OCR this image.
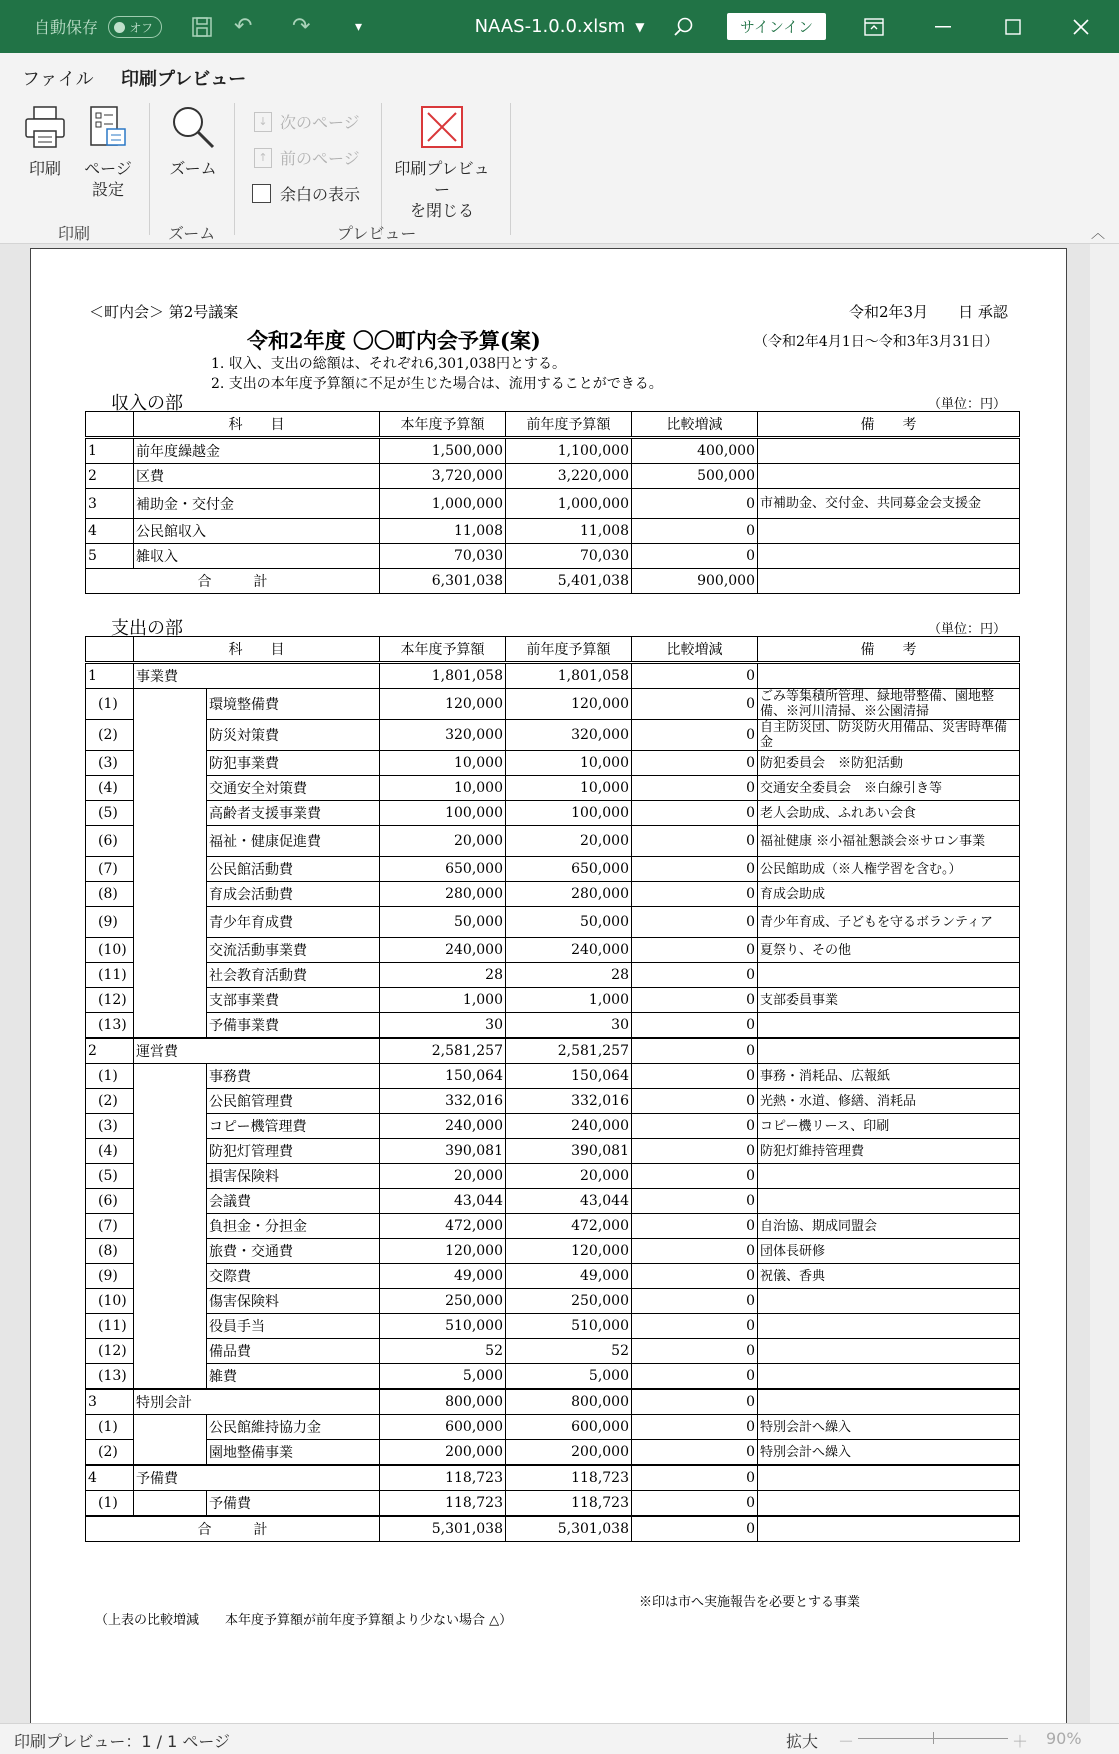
自動保存	オフ	↶ ↷	▾	NAAS-1.0.0.xlsm ▼	サインイン
ファイル 印刷プレビュー
印刷	ページ
設定
印刷
ズーム
ズーム
↓ 次のページ
↑ 前のページ
余白の表示
印刷プレビュー
を閉じる
プレビュー	︿
＜町内会＞ 第2号議案	令和2年3月　　日 承認
令和2年度 〇〇町内会予算(案)	（令和2年4月1日～令和3年3月31日）
1. 収入、支出の総額は、それぞれ6,301,038円とする。
2. 支出の本年度予算額に不足が生じた場合は、流用することができる。
収入の部	（単位：円）
	科　　目	本年度予算額	前年度予算額	比較増減	備　　考
1	前年度繰越金	1,500,000	1,100,000	400,000	
2	区費	3,720,000	3,220,000	500,000	
3	補助金・交付金	1,000,000	1,000,000	0	市補助金、交付金、共同募金会支援金
4	公民館収入	11,008	11,008	0	
5	雑収入	70,030	70,030	0	
合　　　計		6,301,038	5,401,038	900,000	
支出の部	（単位：円）
	科　　目		本年度予算額	前年度予算額	比較増減	備　　考
1	事業費		1,801,058	1,801,058	0	
(1)		環境整備費	120,000	120,000	0	ごみ等集積所管理、緑地帯整備、園地整備、※河川清掃、※公園清掃
(2)		防災対策費	320,000	320,000	0	自主防災団、防災防火用備品、災害時準備金
(3)		防犯事業費	10,000	10,000	0	防犯委員会　※防犯活動
(4)		交通安全対策費	10,000	10,000	0	交通安全委員会　※白線引き等
(5)		高齢者支援事業費	100,000	100,000	0	老人会助成、ふれあい会食
(6)		福祉・健康促進費	20,000	20,000	0	福祉健康 ※小福祉懇談会※サロン事業
(7)		公民館活動費	650,000	650,000	0	公民館助成（※人権学習を含む。）
(8)		育成会活動費	280,000	280,000	0	育成会助成
(9)		青少年育成費	50,000	50,000	0	青少年育成、子どもを守るボランティア
(10)		交流活動事業費	240,000	240,000	0	夏祭り、その他
(11)		社会教育活動費	28	28	0	
(12)		支部事業費	1,000	1,000	0	支部委員事業
(13)		予備事業費	30	30	0	
2	運営費		2,581,257	2,581,257	0	
(1)		事務費	150,064	150,064	0	事務・消耗品、広報紙
(2)		公民館管理費	332,016	332,016	0	光熱・水道、修繕、消耗品
(3)		コピー機管理費	240,000	240,000	0	コピー機リース、印刷
(4)		防犯灯管理費	390,081	390,081	0	防犯灯維持管理費
(5)		損害保険料	20,000	20,000	0	
(6)		会議費	43,044	43,044	0	
(7)		負担金・分担金	472,000	472,000	0	自治協、期成同盟会
(8)		旅費・交通費	120,000	120,000	0	団体長研修
(9)		交際費	49,000	49,000	0	祝儀、香典
(10)		傷害保険料	250,000	250,000	0	
(11)		役員手当	510,000	510,000	0	
(12)		備品費	52	52	0	
(13)		雑費	5,000	5,000	0	
3	特別会計		800,000	800,000	0	
(1)		公民館維持協力金	600,000	600,000	0	特別会計へ繰入
(2)		園地整備事業	200,000	200,000	0	特別会計へ繰入
4	予備費		118,723	118,723	0	
(1)		予備費	118,723	118,723	0	
合　　　計			5,301,038	5,301,038	0	
※印は市へ実施報告を必要とする事業
（上表の比較増減　　本年度予算額が前年度予算額より少ない場合 △）
印刷プレビュー：1 / 1 ページ	拡大 －	＋ 90%
